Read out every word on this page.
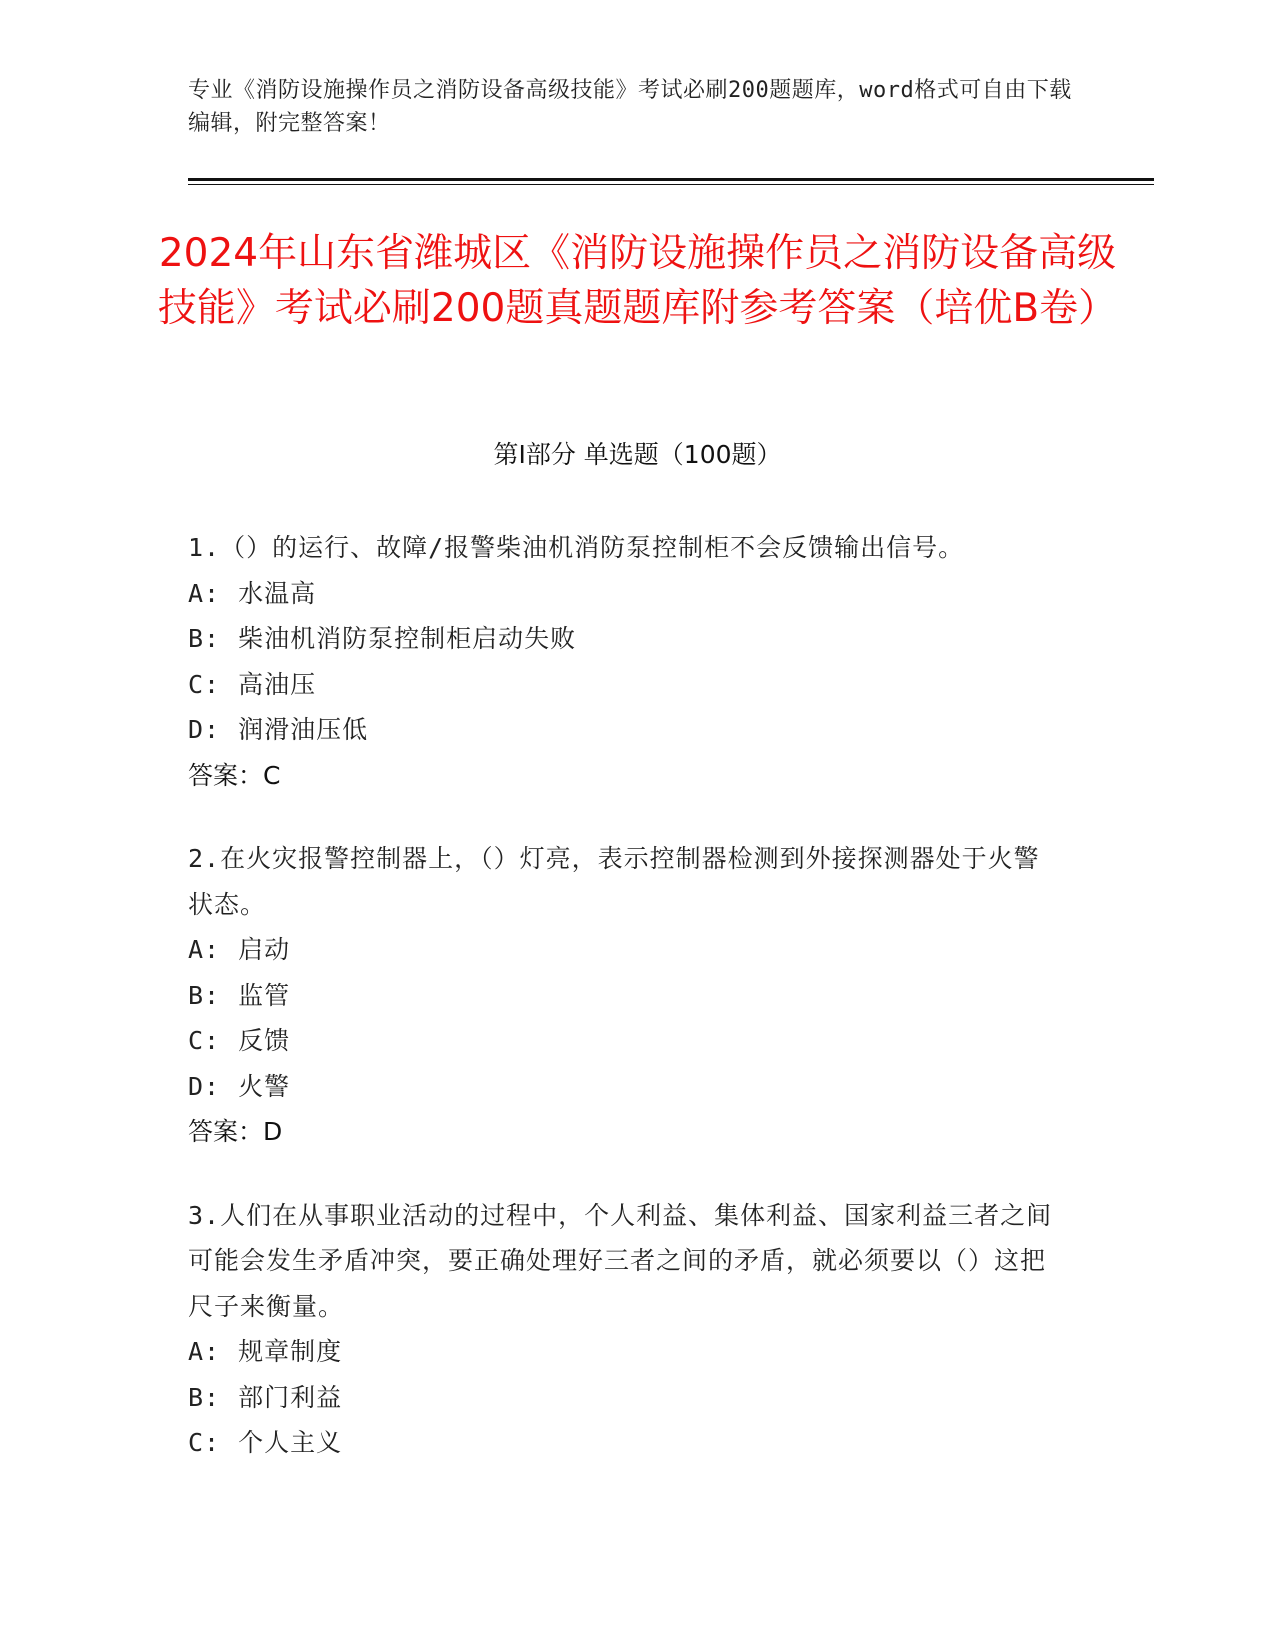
专业《消防设施操作员之消防设备高级技能》考试必刷200题题库，word格式可自由下载编辑，附完整答案！
2024年山东省潍城区《消防设施操作员之消防设备高级技能》考试必刷200题真题题库附参考答案（培优B卷）
第Ⅰ部分 单选题（100题）
1.（）的运行、故障/报警柴油机消防泵控制柜不会反馈输出信号。
A: 水温高
B: 柴油机消防泵控制柜启动失败
C: 高油压
D: 润滑油压低
答案：C
2.在火灾报警控制器上，（）灯亮，表示控制器检测到外接探测器处于火警状态。
A: 启动
B: 监管
C: 反馈
D: 火警
答案：D
3.人们在从事职业活动的过程中，个人利益、集体利益、国家利益三者之间可能会发生矛盾冲突，要正确处理好三者之间的矛盾，就必须要以（）这把尺子来衡量。
A: 规章制度
B: 部门利益
C: 个人主义
